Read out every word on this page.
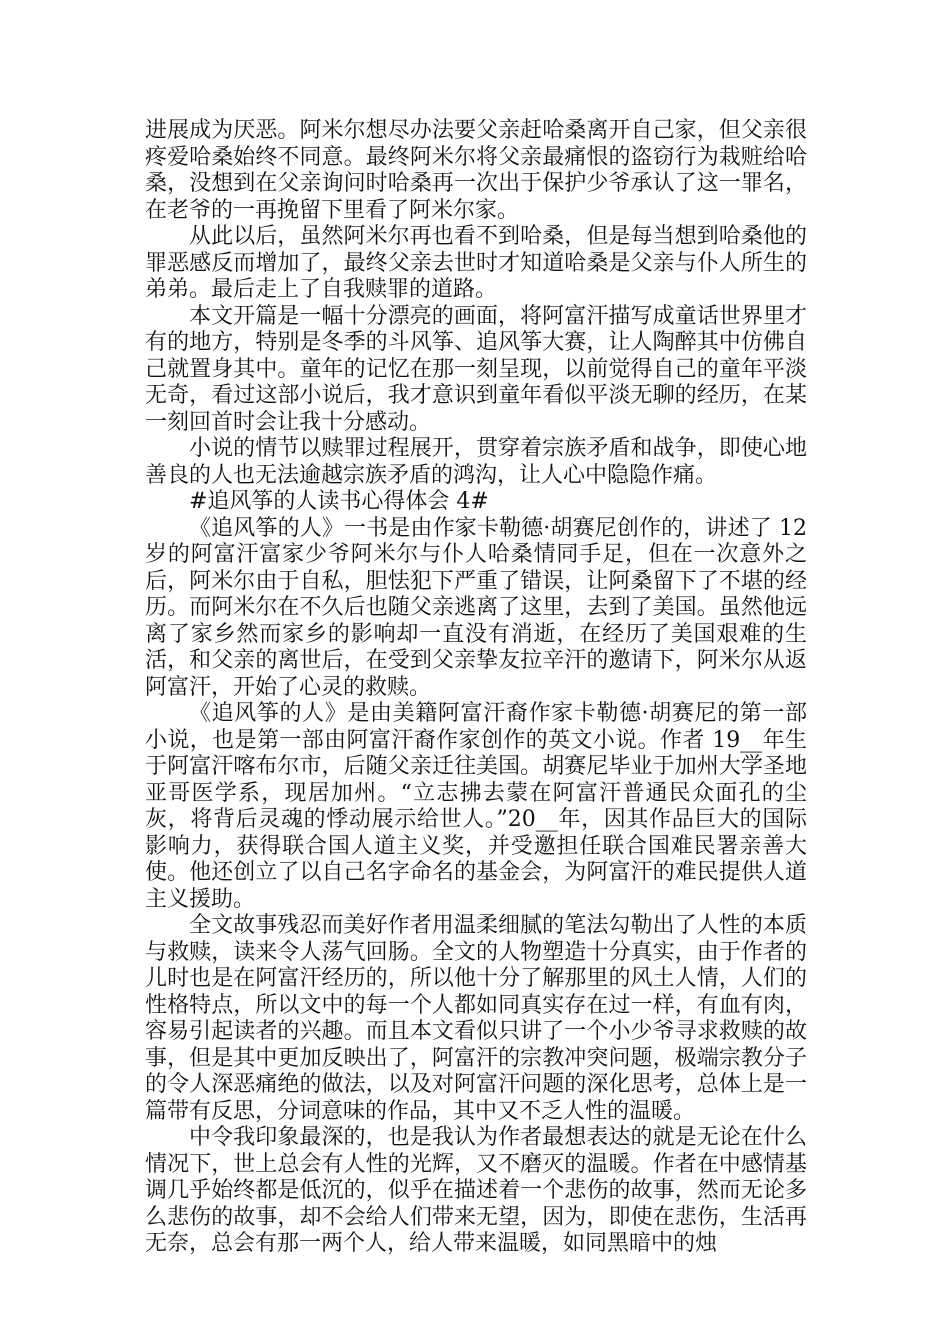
进展成为厌恶。阿米尔想尽办法要父亲赶哈桑离开自己家，但父亲很疼爱哈桑始终不同意。最终阿米尔将父亲最痛恨的盗窃行为栽赃给哈桑，没想到在父亲询问时哈桑再一次出于保护少爷承认了这一罪名，在老爷的一再挽留下里看了阿米尔家。

从此以后，虽然阿米尔再也看不到哈桑，但是每当想到哈桑他的罪恶感反而增加了，最终父亲去世时才知道哈桑是父亲与仆人所生的弟弟。最后走上了自我赎罪的道路。

本文开篇是一幅十分漂亮的画面，将阿富汗描写成童话世界里才有的地方，特别是冬季的斗风筝、追风筝大赛，让人陶醉其中仿佛自己就置身其中。童年的记忆在那一刻呈现，以前觉得自己的童年平淡无奇，看过这部小说后，我才意识到童年看似平淡无聊的经历，在某一刻回首时会让我十分感动。

小说的情节以赎罪过程展开，贯穿着宗族矛盾和战争，即使心地善良的人也无法逾越宗族矛盾的鸿沟，让人心中隐隐作痛。

#追风筝的人读书心得体会 4#

《追风筝的人》一书是由作家卡勒德·胡赛尼创作的，讲述了 12 岁的阿富汗富家少爷阿米尔与仆人哈桑情同手足，但在一次意外之后，阿米尔由于自私，胆怯犯下严重了错误，让阿桑留下了不堪的经历。而阿米尔在不久后也随父亲逃离了这里，去到了美国。虽然他远离了家乡然而家乡的影响却一直没有消逝，在经历了美国艰难的生活，和父亲的离世后，在受到父亲挚友拉辛汗的邀请下，阿米尔从返阿富汗，开始了心灵的救赎。

《追风筝的人》是由美籍阿富汗裔作家卡勒德·胡赛尼的第一部小说，也是第一部由阿富汗裔作家创作的英文小说。作者 19__年生于阿富汗喀布尔市，后随父亲迁往美国。胡赛尼毕业于加州大学圣地亚哥医学系，现居加州。“立志拂去蒙在阿富汗普通民众面孔的尘灰，将背后灵魂的悸动展示给世人。”20__年，因其作品巨大的国际影响力，获得联合国人道主义奖，并受邀担任联合国难民署亲善大使。他还创立了以自己名字命名的基金会，为阿富汗的难民提供人道主义援助。

全文故事残忍而美好作者用温柔细腻的笔法勾勒出了人性的本质与救赎，读来令人荡气回肠。全文的人物塑造十分真实，由于作者的儿时也是在阿富汗经历的，所以他十分了解那里的风土人情，人们的性格特点，所以文中的每一个人都如同真实存在过一样，有血有肉，容易引起读者的兴趣。而且本文看似只讲了一个小少爷寻求救赎的故事，但是其中更加反映出了，阿富汗的宗教冲突问题，极端宗教分子的令人深恶痛绝的做法，以及对阿富汗问题的深化思考，总体上是一篇带有反思，分词意味的作品，其中又不乏人性的温暖。

中令我印象最深的，也是我认为作者最想表达的就是无论在什么情况下，世上总会有人性的光辉，又不磨灭的温暖。作者在中感情基调几乎始终都是低沉的，似乎在描述着一个悲伤的故事，然而无论多么悲伤的故事，却不会给人们带来无望，因为，即使在悲伤，生活再无奈，总会有那一两个人，给人带来温暖，如同黑暗中的烛
